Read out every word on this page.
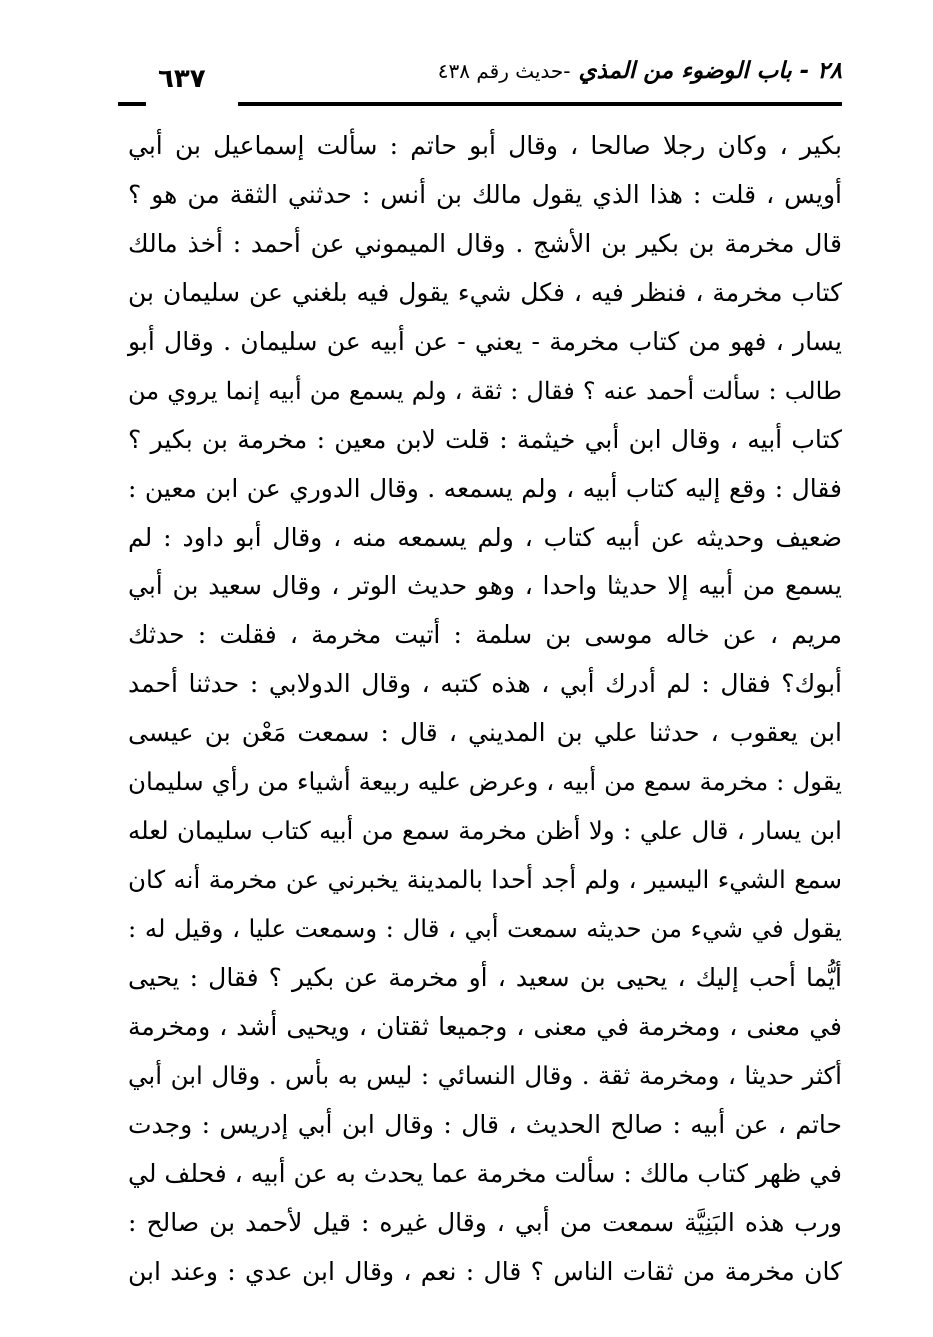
٢٨ - باب الوضوء من المذي -حديث رقم ٤٣٨
٦٣٧
بكير ، وكان رجلا صالحا ، وقال أبو حاتم : سألت إسماعيل بن أبي
أويس ، قلت : هذا الذي يقول مالك بن أنس : حدثني الثقة من هو ؟
قال مخرمة بن بكير بن الأشج . وقال الميموني عن أحمد : أخذ مالك
كتاب مخرمة ، فنظر فيه ، فكل شيء يقول فيه بلغني عن سليمان بن
يسار ، فهو من كتاب مخرمة - يعني - عن أبيه عن سليمان . وقال أبو
طالب : سألت أحمد عنه ؟ فقال : ثقة ، ولم يسمع من أبيه إنما يروي من
كتاب أبيه ، وقال ابن أبي خيثمة : قلت لابن معين : مخرمة بن بكير ؟
فقال : وقع إليه كتاب أبيه ، ولم يسمعه . وقال الدوري عن ابن معين :
ضعيف وحديثه عن أبيه كتاب ، ولم يسمعه منه ، وقال أبو داود : لم
يسمع من أبيه إلا حديثا واحدا ، وهو حديث الوتر ، وقال سعيد بن أبي
مريم ، عن خاله موسى بن سلمة : أتيت مخرمة ، فقلت : حدثك
أبوك؟ فقال : لم أدرك أبي ، هذه كتبه ، وقال الدولابي : حدثنا أحمد
ابن يعقوب ، حدثنا علي بن المديني ، قال : سمعت مَعْن بن عيسى
يقول : مخرمة سمع من أبيه ، وعرض عليه ربيعة أشياء من رأي سليمان
ابن يسار ، قال علي : ولا أظن مخرمة سمع من أبيه كتاب سليمان لعله
سمع الشيء اليسير ، ولم أجد أحدا بالمدينة يخبرني عن مخرمة أنه كان
يقول في شيء من حديثه سمعت أبي ، قال : وسمعت عليا ، وقيل له :
أيُّما أحب إليك ، يحيى بن سعيد ، أو مخرمة عن بكير ؟ فقال : يحيى
في معنى ، ومخرمة في معنى ، وجميعا ثقتان ، ويحيى أشد ، ومخرمة
أكثر حديثا ، ومخرمة ثقة . وقال النسائي : ليس به بأس . وقال ابن أبي
حاتم ، عن أبيه : صالح الحديث ، قال : وقال ابن أبي إدريس : وجدت
في ظهر كتاب مالك : سألت مخرمة عما يحدث به عن أبيه ، فحلف لي
ورب هذه البَنِيَّة سمعت من أبي ، وقال غيره : قيل لأحمد بن صالح :
كان مخرمة من ثقات الناس ؟ قال : نعم ، وقال ابن عدي : وعند ابن
